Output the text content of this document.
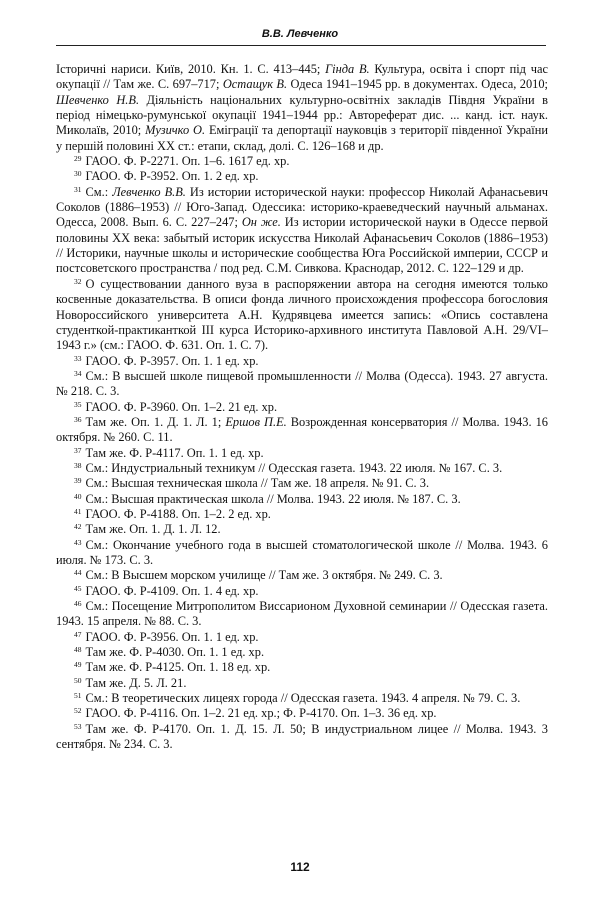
В.В. Левченко

Історичні нариси. Київ, 2010. Кн. 1. С. 413–445; Гінда В. Культура, освіта і спорт під час окупації // Там же. С. 697–717; Остащук В. Одеса 1941–1945 рр. в документах. Одеса, 2010; Шевченко Н.В. Діяльність національних культурно-освітніх закладів Півдня України в період німецько-румунської окупації 1941–1944 рр.: Автореферат дис. ... канд. іст. наук. Миколаїв, 2010; Музичко О. Еміграції та депортації науковців з території південної України у першій половині ХХ ст.: етапи, склад, долі. С. 126–168 и др.

$^{29}$ ГАОО. Ф. Р-2271. Оп. 1–6. 1617 ед. хр.

$^{30}$ ГАОО. Ф. Р-3952. Оп. 1. 2 ед. хр.

$^{31}$ См.: Левченко В.В. Из истории исторической науки: профессор Николай Афанасьевич Соколов (1886–1953) // Юго-Запад. Одессика: историко-краеведческий научный альманах. Одесса, 2008. Вып. 6. С. 227–247; Он же. Из истории исторической науки в Одессе первой половины ХХ века: забытый историк искусства Николай Афанасьевич Соколов (1886–1953) // Историки, научные школы и исторические сообщества Юга Российской империи, СССР и постсоветского пространства / под ред. С.М. Сивкова. Краснодар, 2012. С. 122–129 и др.

$^{32}$ О существовании данного вуза в распоряжении автора на сегодня имеются только косвенные доказательства. В описи фонда личного происхождения профессора богословия Новороссийского университета А.Н. Кудрявцева имеется запись: «Опись составлена студенткой-практиканткой III курса Историко-архивного института Павловой А.Н. 29/VI–1943 г.» (см.: ГАОО. Ф. 631. Оп. 1. С. 7).

$^{33}$ ГАОО. Ф. Р-3957. Оп. 1. 1 ед. хр.

$^{34}$ См.: В высшей школе пищевой промышленности // Молва (Одесса). 1943. 27 августа. № 218. С. 3.

$^{35}$ ГАОО. Ф. Р-3960. Оп. 1–2. 21 ед. хр.

$^{36}$ Там же. Оп. 1. Д. 1. Л. 1; Ершов П.Е. Возрожденная консерватория // Молва. 1943. 16 октября. № 260. С. 11.

$^{37}$ Там же. Ф. Р-4117. Оп. 1. 1 ед. хр.

$^{38}$ См.: Индустриальный техникум // Одесская газета. 1943. 22 июля. № 167. С. 3.

$^{39}$ См.: Высшая техническая школа // Там же. 18 апреля. № 91. С. 3.

$^{40}$ См.: Высшая практическая школа // Молва. 1943. 22 июля. № 187. С. 3.

$^{41}$ ГАОО. Ф. Р-4188. Оп. 1–2. 2 ед. хр.

$^{42}$ Там же. Оп. 1. Д. 1. Л. 12.

$^{43}$ См.: Окончание учебного года в высшей стоматологической школе // Молва. 1943. 6 июля. № 173. С. 3.

$^{44}$ См.: В Высшем морском училище // Там же. 3 октября. № 249. С. 3.

$^{45}$ ГАОО. Ф. Р-4109. Оп. 1. 4 ед. хр.

$^{46}$ См.: Посещение Митрополитом Виссарионом Духовной семинарии // Одесская газета. 1943. 15 апреля. № 88. С. 3.

$^{47}$ ГАОО. Ф. Р-3956. Оп. 1. 1 ед. хр.

$^{48}$ Там же. Ф. Р-4030. Оп. 1. 1 ед. хр.

$^{49}$ Там же. Ф. Р-4125. Оп. 1. 18 ед. хр.

$^{50}$ Там же. Д. 5. Л. 21.

$^{51}$ См.: В теоретических лицеях города // Одесская газета. 1943. 4 апреля. № 79. С. 3.

$^{52}$ ГАОО. Ф. Р-4116. Оп. 1–2. 21 ед. хр.; Ф. Р-4170. Оп. 1–3. 36 ед. хр.

$^{53}$ Там же. Ф. Р-4170. Оп. 1. Д. 15. Л. 50; В индустриальном лицее // Молва. 1943. 3 сентября. № 234. С. 3.

112
